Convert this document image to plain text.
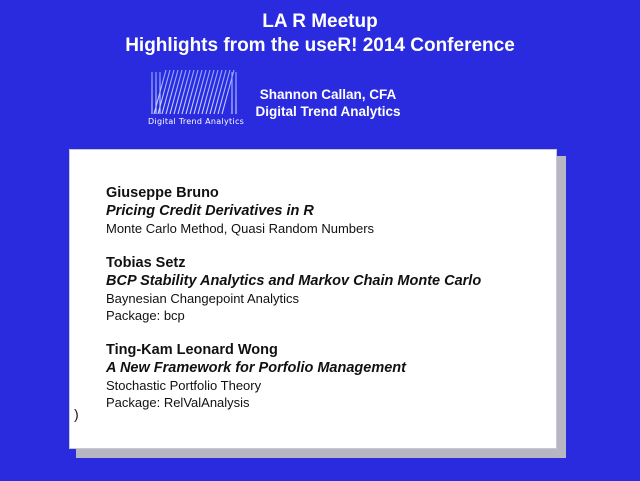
LA R Meetup
Highlights from the useR! 2014 Conference
Digital Trend Analytics
Shannon Callan, CFA
Digital Trend Analytics
Giuseppe Bruno
Pricing Credit Derivatives in R
Monte Carlo Method, Quasi Random Numbers
Tobias Setz
BCP Stability Analytics and Markov Chain Monte Carlo
Baynesian Changepoint Analytics
Package: bcp
Ting-Kam Leonard Wong
A New Framework for Porfolio Management
Stochastic Portfolio Theory
Package: RelValAnalysis
)
